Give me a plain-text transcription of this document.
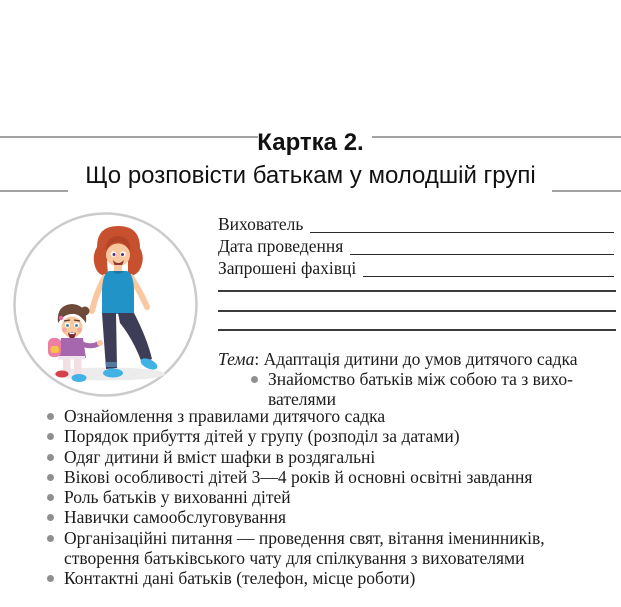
Картка 2.
Що розповісти батькам у молодшій групі
Вихователь
Дата проведення
Запрошені фахівці
Тема: Адаптація дитини до умов дитячого садка
Знайомство батьків між собою та з вихо-
вателями
Ознайомлення з правилами дитячого садка
Порядок прибуття дітей у групу (розподіл за датами)
Одяг дитини й вміст шафки в роздягальні
Вікові особливості дітей 3—4 років й основні освітні завдання
Роль батьків у вихованні дітей
Навички самообслуговування
Організаційні питання — проведення свят, вітання іменинників,
створення батьківського чату для спілкування з вихователями
Контактні дані батьків (телефон, місце роботи)
